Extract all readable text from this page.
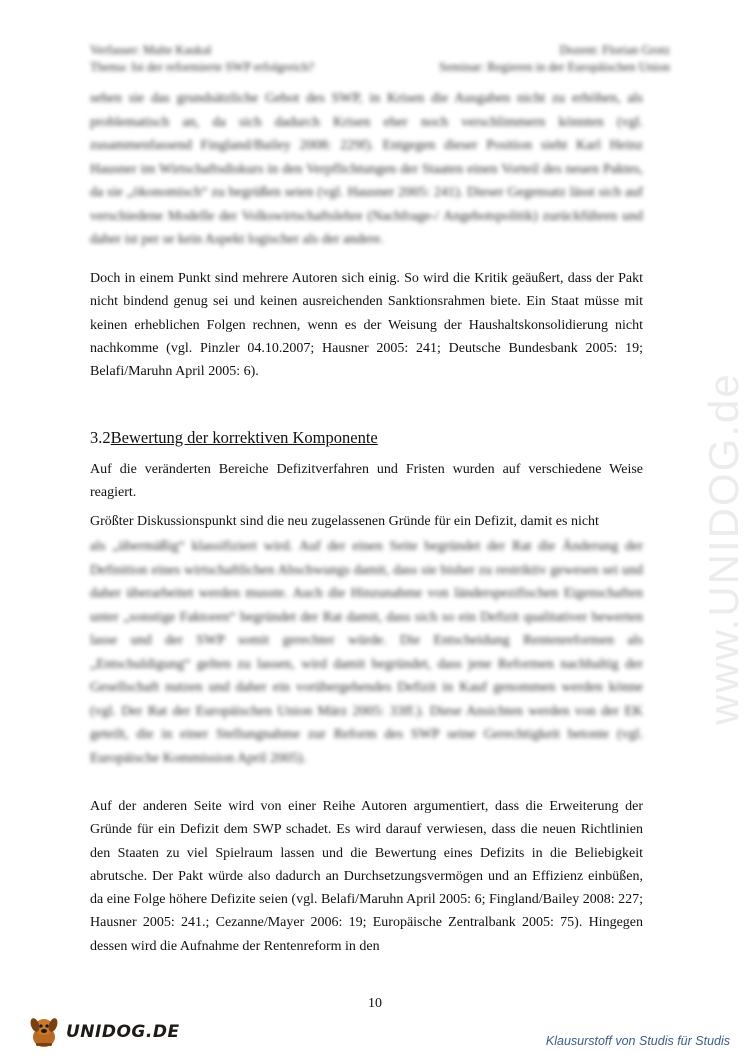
Verfasser: Malte Kaukal	Dozent: Florian Grotz
Thema: Ist der reformierte SWP erfolgreich?	Seminar: Regieren in der Europäischen Union
www.UNIDOG.de

sehen sie das grundsätzliche Gebot des SWP, in Krisen die Ausgaben nicht zu erhöhen, als problematisch an, da sich dadurch Krisen eher noch verschlimmern könnten (vgl. zusammenfassend Fingland/Bailey 2008: 229f). Entgegen dieser Position sieht Karl Heinz Hausner im Wirtschaftsdiskurs in den Verpflichtungen der Staaten einen Vorteil des neuen Paktes, da sie „ökonomisch“ zu begrüßen seien (vgl. Hausner 2005: 241). Dieser Gegensatz lässt sich auf verschiedene Modelle der Volkswirtschaftslehre (Nachfrage-/ Angebotspolitik) zurückführen und daher ist per se kein Aspekt logischer als der andere.

Doch in einem Punkt sind mehrere Autoren sich einig. So wird die Kritik geäußert, dass der Pakt nicht bindend genug sei und keinen ausreichenden Sanktionsrahmen biete. Ein Staat müsse mit keinen erheblichen Folgen rechnen, wenn es der Weisung der Haushaltskonsolidierung nicht nachkomme (vgl. Pinzler 04.10.2007; Hausner 2005: 241; Deutsche Bundesbank 2005: 19; Belafi/Maruhn April 2005: 6).

3.2Bewertung der korrektiven Komponente

Auf die veränderten Bereiche Defizitverfahren und Fristen wurden auf verschiedene Weise reagiert.

Größter Diskussionspunkt sind die neu zugelassenen Gründe für ein Defizit, damit es nicht

als „übermäßig“ klassifiziert wird. Auf der einen Seite begründet der Rat die Änderung der Definition eines wirtschaftlichen Abschwungs damit, dass sie bisher zu restriktiv gewesen sei und daher überarbeitet werden musste. Auch die Hinzunahme von länderspezifischen Eigenschaften unter „sonstige Faktoren“ begründet der Rat damit, dass sich so ein Defizit qualitativer bewerten lasse und der SWP somit gerechter würde. Die Entscheidung Rentenreformen als „Entschuldigung“ gelten zu lassen, wird damit begründet, dass jene Reformen nachhaltig der Gesellschaft nutzen und daher ein vorübergehendes Defizit in Kauf genommen werden könne (vgl. Der Rat der Europäischen Union März 2005: 33ff.). Diese Ansichten werden von der EK geteilt, die in einer Stellungnahme zur Reform des SWP seine Gerechtigkeit betonte (vgl. Europäische Kommission April 2005).

Auf der anderen Seite wird von einer Reihe Autoren argumentiert, dass die Erweiterung der Gründe für ein Defizit dem SWP schadet. Es wird darauf verwiesen, dass die neuen Richtlinien den Staaten zu viel Spielraum lassen und die Bewertung eines Defizits in die Beliebigkeit abrutsche. Der Pakt würde also dadurch an Durchsetzungsvermögen und an Effizienz einbüßen, da eine Folge höhere Defizite seien (vgl. Belafi/Maruhn April 2005: 6; Fingland/Bailey 2008: 227; Hausner 2005: 241.; Cezanne/Mayer 2006: 19; Europäische Zentralbank 2005: 75). Hingegen dessen wird die Aufnahme der Rentenreform in den

10
UNIDOG.DE	Klausurstoff von Studis für Studis
